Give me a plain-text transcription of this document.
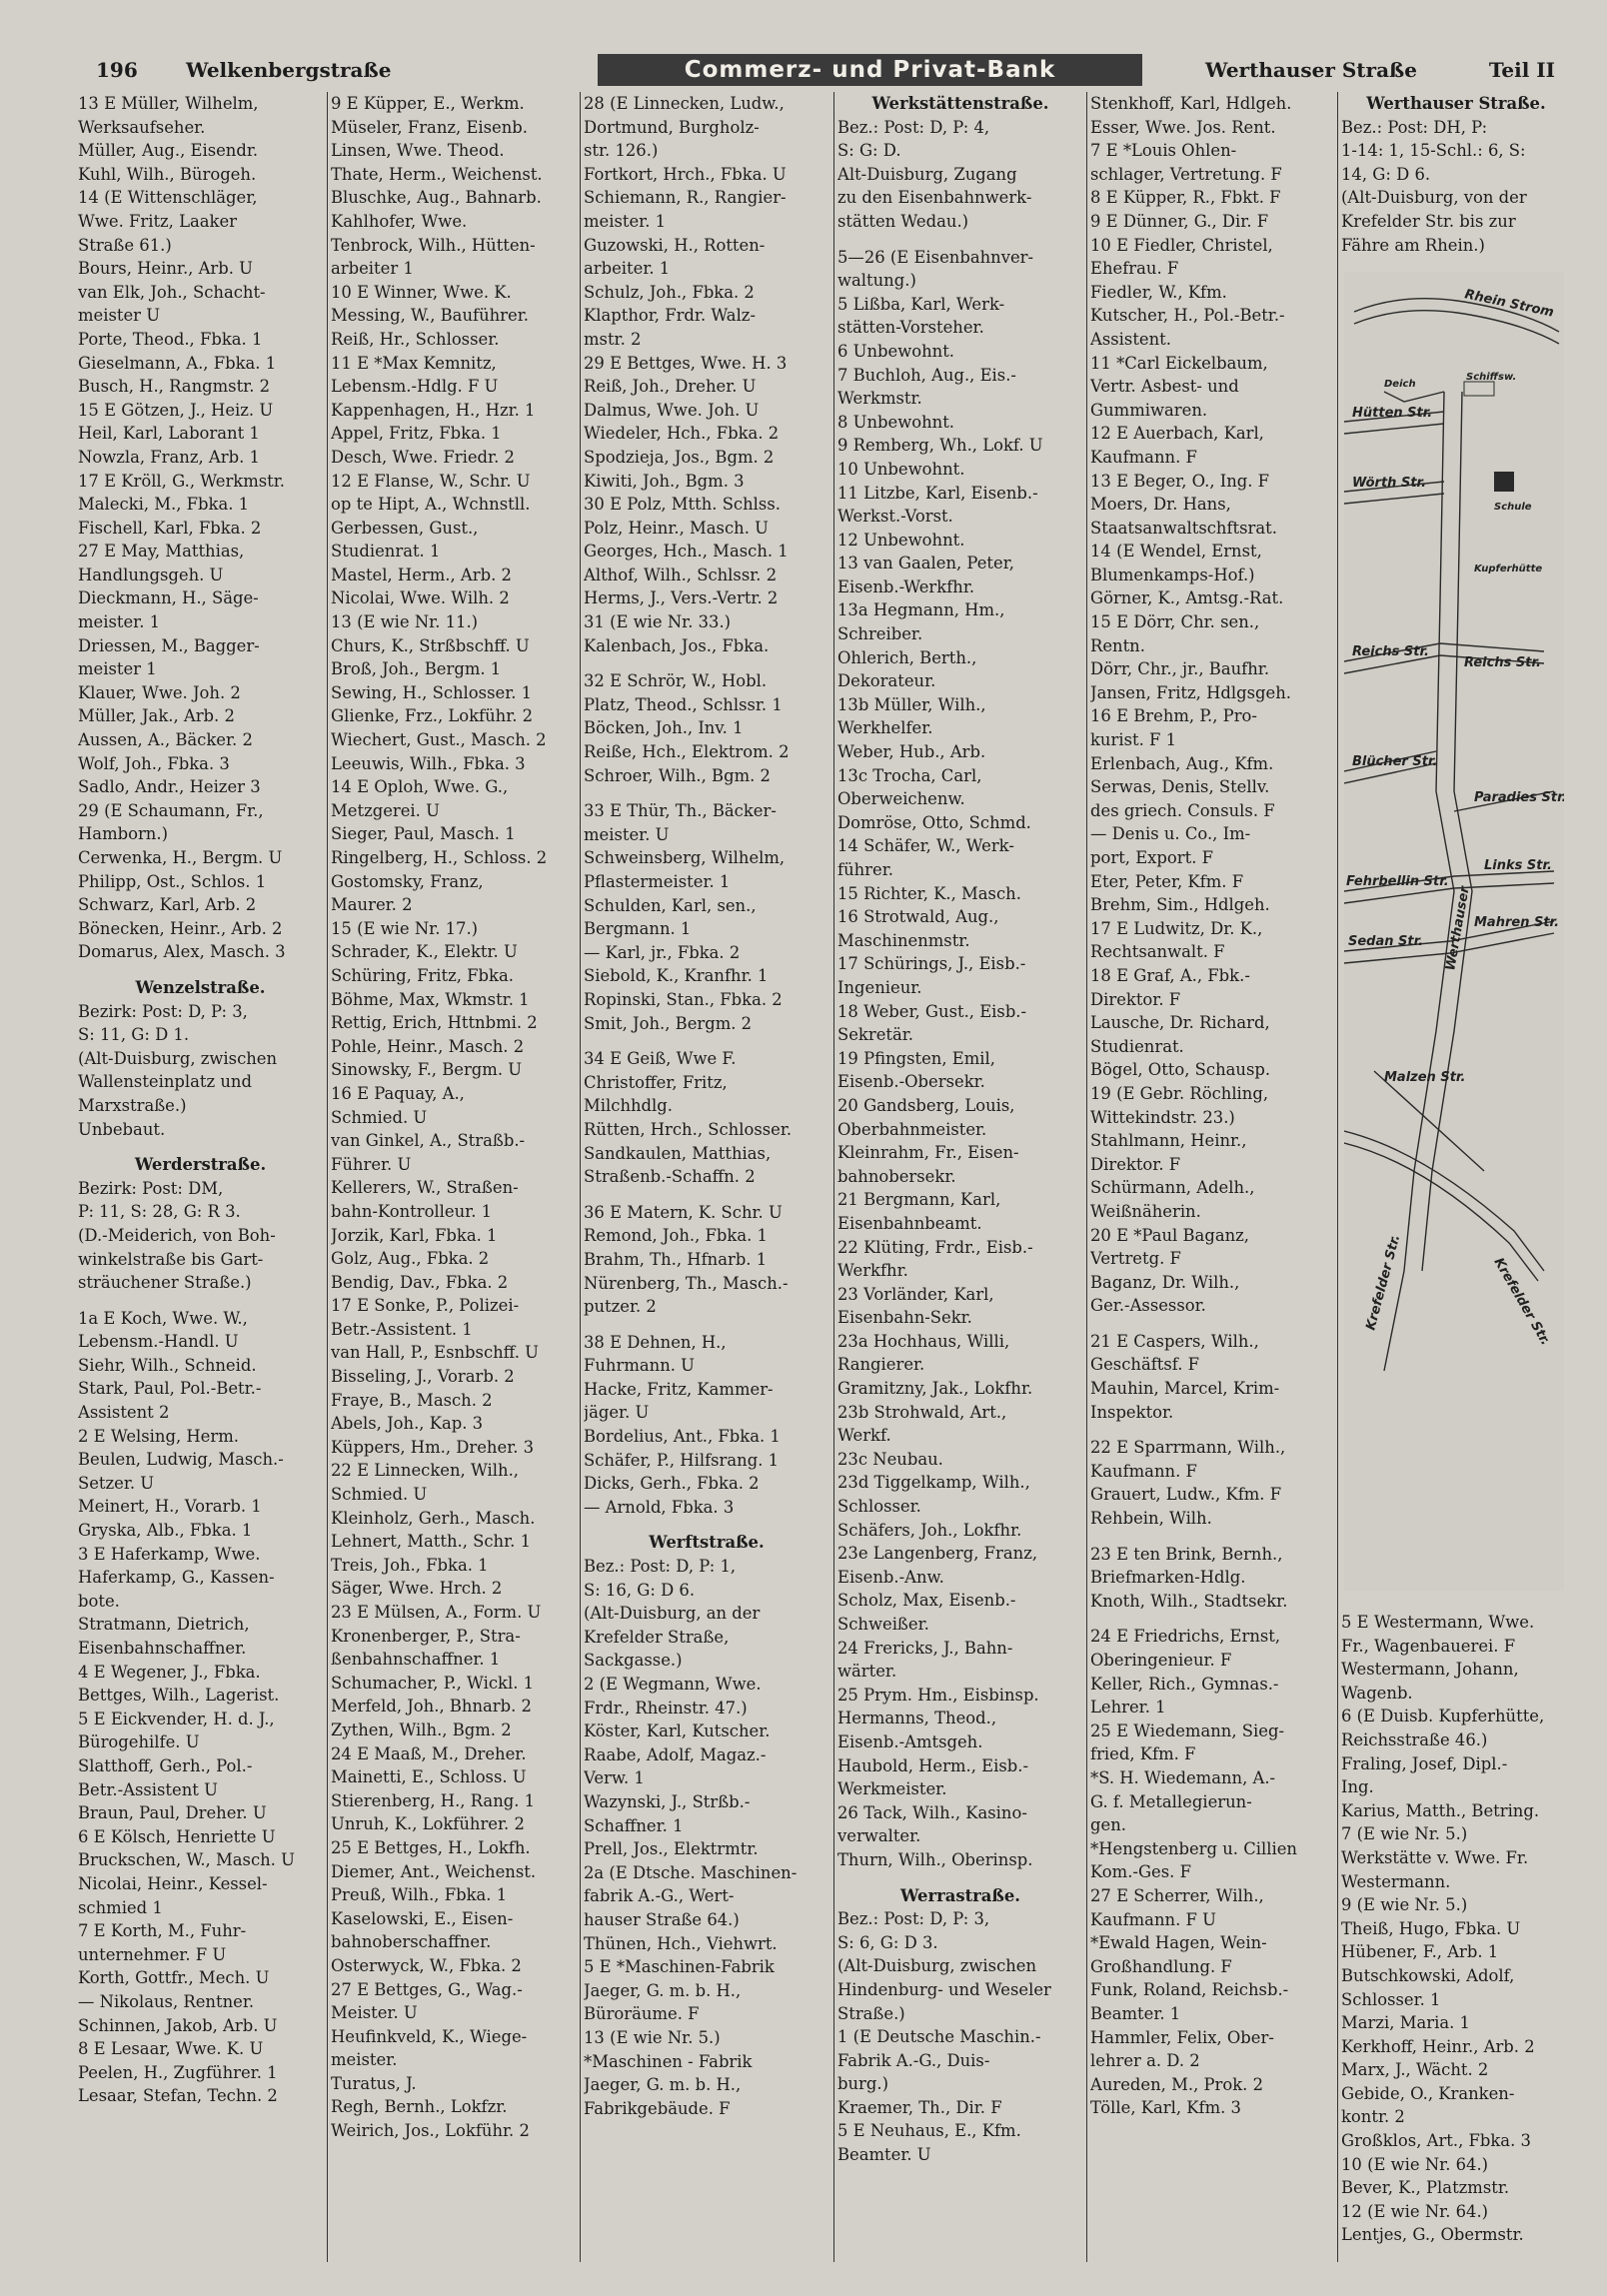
196 Welkenbergstraße	Commerz- und Privat-Bank	Werthauser Straße	Teil II
13 E Müller, Wilhelm,
Werksaufseher.
Müller, Aug., Eisendr.
Kuhl, Wilh., Bürogeh.
14 (E Wittenschläger,
Wwe. Fritz, Laaker
Straße 61.)
Bours, Heinr., Arb. U
van Elk, Joh., Schacht-
meister U
Porte, Theod., Fbka. 1
Gieselmann, A., Fbka. 1
Busch, H., Rangmstr. 2
15 E Götzen, J., Heiz. U
Heil, Karl, Laborant 1
Nowzla, Franz, Arb. 1
17 E Kröll, G., Werkmstr.
Malecki, M., Fbka. 1
Fischell, Karl, Fbka. 2
27 E May, Matthias,
Handlungsgeh. U
Dieckmann, H., Säge-
meister. 1
Driessen, M., Bagger-
meister 1
Klauer, Wwe. Joh. 2
Müller, Jak., Arb. 2
Aussen, A., Bäcker. 2
Wolf, Joh., Fbka. 3
Sadlo, Andr., Heizer 3
29 (E Schaumann, Fr.,
Hamborn.)
Cerwenka, H., Bergm. U
Philipp, Ost., Schlos. 1
Schwarz, Karl, Arb. 2
Bönecken, Heinr., Arb. 2
Domarus, Alex, Masch. 3
Wenzelstraße.
Bezirk: Post: D, P: 3,
S: 11, G: D 1.
(Alt-Duisburg, zwischen
Wallensteinplatz und
Marxstraße.)
Unbebaut.
Werderstraße.
Bezirk: Post: DM,
P: 11, S: 28, G: R 3.
(D.-Meiderich, von Boh-
winkelstraße bis Gart-
sträuchener Straße.)
1a E Koch, Wwe. W.,
Lebensm.-Handl. U
Siehr, Wilh., Schneid.
Stark, Paul, Pol.-Betr.-
Assistent 2
2 E Welsing, Herm.
Beulen, Ludwig, Masch.-
Setzer. U
Meinert, H., Vorarb. 1
Gryska, Alb., Fbka. 1
3 E Haferkamp, Wwe.
Haferkamp, G., Kassen-
bote.
Stratmann, Dietrich,
Eisenbahnschaffner.
4 E Wegener, J., Fbka.
Bettges, Wilh., Lagerist.
5 E Eickvender, H. d. J.,
Bürogehilfe. U
Slatthoff, Gerh., Pol.-
Betr.-Assistent U
Braun, Paul, Dreher. U
6 E Kölsch, Henriette U
Bruckschen, W., Masch. U
Nicolai, Heinr., Kessel-
schmied 1
7 E Korth, M., Fuhr-
unternehmer. F U
Korth, Gottfr., Mech. U
— Nikolaus, Rentner.
Schinnen, Jakob, Arb. U
8 E Lesaar, Wwe. K. U
Peelen, H., Zugführer. 1
Lesaar, Stefan, Techn. 2
9 E Küpper, E., Werkm.
Müseler, Franz, Eisenb.
Linsen, Wwe. Theod.
Thate, Herm., Weichenst.
Bluschke, Aug., Bahnarb.
Kahlhofer, Wwe.
Tenbrock, Wilh., Hütten-
arbeiter 1
10 E Winner, Wwe. K.
Messing, W., Bauführer.
Reiß, Hr., Schlosser.
11 E *Max Kemnitz,
Lebensm.-Hdlg. F U
Kappenhagen, H., Hzr. 1
Appel, Fritz, Fbka. 1
Desch, Wwe. Friedr. 2
12 E Flanse, W., Schr. U
op te Hipt, A., Wchnstll.
Gerbessen, Gust.,
Studienrat. 1
Mastel, Herm., Arb. 2
Nicolai, Wwe. Wilh. 2
13 (E wie Nr. 11.)
Churs, K., Strßbschff. U
Broß, Joh., Bergm. 1
Sewing, H., Schlosser. 1
Glienke, Frz., Lokführ. 2
Wiechert, Gust., Masch. 2
Leeuwis, Wilh., Fbka. 3
14 E Oploh, Wwe. G.,
Metzgerei. U
Sieger, Paul, Masch. 1
Ringelberg, H., Schloss. 2
Gostomsky, Franz,
Maurer. 2
15 (E wie Nr. 17.)
Schrader, K., Elektr. U
Schüring, Fritz, Fbka.
Böhme, Max, Wkmstr. 1
Rettig, Erich, Httnbmi. 2
Pohle, Heinr., Masch. 2
Sinowsky, F., Bergm. U
16 E Paquay, A.,
Schmied. U
van Ginkel, A., Straßb.-
Führer. U
Kellerers, W., Straßen-
bahn-Kontrolleur. 1
Jorzik, Karl, Fbka. 1
Golz, Aug., Fbka. 2
Bendig, Dav., Fbka. 2
17 E Sonke, P., Polizei-
Betr.-Assistent. 1
van Hall, P., Esnbschff. U
Bisseling, J., Vorarb. 2
Fraye, B., Masch. 2
Abels, Joh., Kap. 3
Küppers, Hm., Dreher. 3
22 E Linnecken, Wilh.,
Schmied. U
Kleinholz, Gerh., Masch.
Lehnert, Matth., Schr. 1
Treis, Joh., Fbka. 1
Säger, Wwe. Hrch. 2
23 E Mülsen, A., Form. U
Kronenberger, P., Stra-
ßenbahnschaffner. 1
Schumacher, P., Wickl. 1
Merfeld, Joh., Bhnarb. 2
Zythen, Wilh., Bgm. 2
24 E Maaß, M., Dreher.
Mainetti, E., Schloss. U
Stierenberg, H., Rang. 1
Unruh, K., Lokführer. 2
25 E Bettges, H., Lokfh.
Diemer, Ant., Weichenst.
Preuß, Wilh., Fbka. 1
Kaselowski, E., Eisen-
bahnoberschaffner.
Osterwyck, W., Fbka. 2
27 E Bettges, G., Wag.-
Meister. U
Heufinkveld, K., Wiege-
meister.
Turatus, J.
Regh, Bernh., Lokfzr.
Weirich, Jos., Lokführ. 2
28 (E Linnecken, Ludw.,
Dortmund, Burgholz-
str. 126.)
Fortkort, Hrch., Fbka. U
Schiemann, R., Rangier-
meister. 1
Guzowski, H., Rotten-
arbeiter. 1
Schulz, Joh., Fbka. 2
Klapthor, Frdr. Walz-
mstr. 2
29 E Bettges, Wwe. H. 3
Reiß, Joh., Dreher. U
Dalmus, Wwe. Joh. U
Wiedeler, Hch., Fbka. 2
Spodzieja, Jos., Bgm. 2
Kiwiti, Joh., Bgm. 3
30 E Polz, Mtth. Schlss.
Polz, Heinr., Masch. U
Georges, Hch., Masch. 1
Althof, Wilh., Schlssr. 2
Herms, J., Vers.-Vertr. 2
31 (E wie Nr. 33.)
Kalenbach, Jos., Fbka.
32 E Schrör, W., Hobl.
Platz, Theod., Schlssr. 1
Böcken, Joh., Inv. 1
Reiße, Hch., Elektrom. 2
Schroer, Wilh., Bgm. 2
33 E Thür, Th., Bäcker-
meister. U
Schweinsberg, Wilhelm,
Pflastermeister. 1
Schulden, Karl, sen.,
Bergmann. 1
— Karl, jr., Fbka. 2
Siebold, K., Kranfhr. 1
Ropinski, Stan., Fbka. 2
Smit, Joh., Bergm. 2
34 E Geiß, Wwe F.
Christoffer, Fritz,
Milchhdlg.
Rütten, Hrch., Schlosser.
Sandkaulen, Matthias,
Straßenb.-Schaffn. 2
36 E Matern, K. Schr. U
Remond, Joh., Fbka. 1
Brahm, Th., Hfnarb. 1
Nürenberg, Th., Masch.-
putzer. 2
38 E Dehnen, H.,
Fuhrmann. U
Hacke, Fritz, Kammer-
jäger. U
Bordelius, Ant., Fbka. 1
Schäfer, P., Hilfsrang. 1
Dicks, Gerh., Fbka. 2
— Arnold, Fbka. 3
Werftstraße.
Bez.: Post: D, P: 1,
S: 16, G: D 6.
(Alt-Duisburg, an der
Krefelder Straße,
Sackgasse.)
2 (E Wegmann, Wwe.
Frdr., Rheinstr. 47.)
Köster, Karl, Kutscher.
Raabe, Adolf, Magaz.-
Verw. 1
Wazynski, J., Strßb.-
Schaffner. 1
Prell, Jos., Elektrmtr.
2a (E Dtsche. Maschinen-
fabrik A.-G., Wert-
hauser Straße 64.)
Thünen, Hch., Viehwrt.
5 E *Maschinen-Fabrik
Jaeger, G. m. b. H.,
Büroräume. F
13 (E wie Nr. 5.)
*Maschinen - Fabrik
Jaeger, G. m. b. H.,
Fabrikgebäude. F
Werkstättenstraße.
Bez.: Post: D, P: 4,
S: G: D.
Alt-Duisburg, Zugang
zu den Eisenbahnwerk-
stätten Wedau.)
5—26 (E Eisenbahnver-
waltung.)
5 Lißba, Karl, Werk-
stätten-Vorsteher.
6 Unbewohnt.
7 Buchloh, Aug., Eis.-
Werkmstr.
8 Unbewohnt.
9 Remberg, Wh., Lokf. U
10 Unbewohnt.
11 Litzbe, Karl, Eisenb.-
Werkst.-Vorst.
12 Unbewohnt.
13 van Gaalen, Peter,
Eisenb.-Werkfhr.
13a Hegmann, Hm.,
Schreiber.
Ohlerich, Berth.,
Dekorateur.
13b Müller, Wilh.,
Werkhelfer.
Weber, Hub., Arb.
13c Trocha, Carl,
Oberweichenw.
Domröse, Otto, Schmd.
14 Schäfer, W., Werk-
führer.
15 Richter, K., Masch.
16 Strotwald, Aug.,
Maschinenmstr.
17 Schürings, J., Eisb.-
Ingenieur.
18 Weber, Gust., Eisb.-
Sekretär.
19 Pfingsten, Emil,
Eisenb.-Obersekr.
20 Gandsberg, Louis,
Oberbahnmeister.
Kleinrahm, Fr., Eisen-
bahnobersekr.
21 Bergmann, Karl,
Eisenbahnbeamt.
22 Klüting, Frdr., Eisb.-
Werkfhr.
23 Vorländer, Karl,
Eisenbahn-Sekr.
23a Hochhaus, Willi,
Rangierer.
Gramitzny, Jak., Lokfhr.
23b Strohwald, Art.,
Werkf.
23c Neubau.
23d Tiggelkamp, Wilh.,
Schlosser.
Schäfers, Joh., Lokfhr.
23e Langenberg, Franz,
Eisenb.-Anw.
Scholz, Max, Eisenb.-
Schweißer.
24 Frericks, J., Bahn-
wärter.
25 Prym. Hm., Eisbinsp.
Hermanns, Theod.,
Eisenb.-Amtsgeh.
Haubold, Herm., Eisb.-
Werkmeister.
26 Tack, Wilh., Kasino-
verwalter.
Thurn, Wilh., Oberinsp.
Werrastraße.
Bez.: Post: D, P: 3,
S: 6, G: D 3.
(Alt-Duisburg, zwischen
Hindenburg- und Weseler
Straße.)
1 (E Deutsche Maschin.-
Fabrik A.-G., Duis-
burg.)
Kraemer, Th., Dir. F
5 E Neuhaus, E., Kfm.
Beamter. U
Stenkhoff, Karl, Hdlgeh.
Esser, Wwe. Jos. Rent.
7 E *Louis Ohlen-
schlager, Vertretung. F
8 E Küpper, R., Fbkt. F
9 E Dünner, G., Dir. F
10 E Fiedler, Christel,
Ehefrau. F
Fiedler, W., Kfm.
Kutscher, H., Pol.-Betr.-
Assistent.
11 *Carl Eickelbaum,
Vertr. Asbest- und
Gummiwaren.
12 E Auerbach, Karl,
Kaufmann. F
13 E Beger, O., Ing. F
Moers, Dr. Hans,
Staatsanwaltschftsrat.
14 (E Wendel, Ernst,
Blumenkamps-Hof.)
Görner, K., Amtsg.-Rat.
15 E Dörr, Chr. sen.,
Rentn.
Dörr, Chr., jr., Baufhr.
Jansen, Fritz, Hdlgsgeh.
16 E Brehm, P., Pro-
kurist. F 1
Erlenbach, Aug., Kfm.
Serwas, Denis, Stellv.
des griech. Consuls. F
— Denis u. Co., Im-
port, Export. F
Eter, Peter, Kfm. F
Brehm, Sim., Hdlgeh.
17 E Ludwitz, Dr. K.,
Rechtsanwalt. F
18 E Graf, A., Fbk.-
Direktor. F
Lausche, Dr. Richard,
Studienrat.
Bögel, Otto, Schausp.
19 (E Gebr. Röchling,
Wittekindstr. 23.)
Stahlmann, Heinr.,
Direktor. F
Schürmann, Adelh.,
Weißnäherin.
20 E *Paul Baganz,
Vertretg. F
Baganz, Dr. Wilh.,
Ger.-Assessor.
21 E Caspers, Wilh.,
Geschäftsf. F
Mauhin, Marcel, Krim-
Inspektor.
22 E Sparrmann, Wilh.,
Kaufmann. F
Grauert, Ludw., Kfm. F
Rehbein, Wilh.
23 E ten Brink, Bernh.,
Briefmarken-Hdlg.
Knoth, Wilh., Stadtsekr.
24 E Friedrichs, Ernst,
Oberingenieur. F
Keller, Rich., Gymnas.-
Lehrer. 1
25 E Wiedemann, Sieg-
fried, Kfm. F
*S. H. Wiedemann, A.-
G. f. Metallegierun-
gen.
*Hengstenberg u. Cillien
Kom.-Ges. F
27 E Scherrer, Wilh.,
Kaufmann. F U
*Ewald Hagen, Wein-
Großhandlung. F
Funk, Roland, Reichsb.-
Beamter. 1
Hammler, Felix, Ober-
lehrer a. D. 2
Aureden, M., Prok. 2
Tölle, Karl, Kfm. 3
Werthauser Straße.
Bez.: Post: DH, P:
1-14: 1, 15-Schl.: 6, S:
14, G: D 6.
(Alt-Duisburg, von der
Krefelder Str. bis zur
Fähre am Rhein.)
5 E Westermann, Wwe.
Fr., Wagenbauerei. F
Westermann, Johann,
Wagenb.
6 (E Duisb. Kupferhütte,
Reichsstraße 46.)
Fraling, Josef, Dipl.-
Ing.
Karius, Matth., Betring.
7 (E wie Nr. 5.)
Werkstätte v. Wwe. Fr.
Westermann.
9 (E wie Nr. 5.)
Theiß, Hugo, Fbka. U
Hübener, F., Arb. 1
Butschkowski, Adolf,
Schlosser. 1
Marzi, Maria. 1
Kerkhoff, Heinr., Arb. 2
Marx, J., Wächt. 2
Gebide, O., Kranken-
kontr. 2
Großklos, Art., Fbka. 3
10 (E wie Nr. 64.)
Bever, K., Platzmstr.
12 (E wie Nr. 64.)
Lentjes, G., Obermstr.
Rhein Strom
Hütten Str.
Wörth Str.
Reichs Str.
Blücher Str.
Paradies Str.
Fehrbellin Str.
Links Str.
Sedan Str.
Mahren Str.
Werthauser
Reichs Str.
Krefelder Str.
Malzen Str.
Schule
Deich
Schiffsw.
Kupferhütte
Krefelder Str.
